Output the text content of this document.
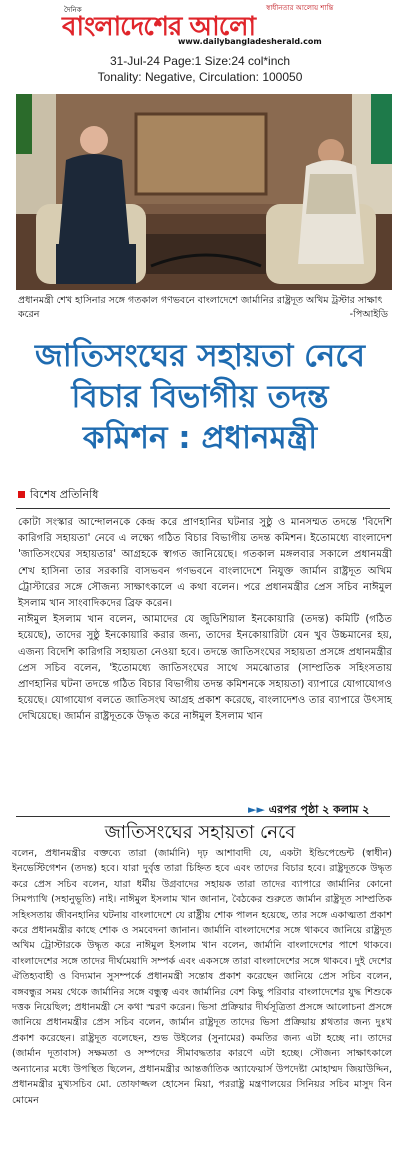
দৈনিক
বাংলাদেশের আলো
স্বাধীনতার আলোয় শান্তি
www.dailybangladesherald.com
31-Jul-24 Page:1 Size:24 col*inch
Tonality: Negative, Circulation: 100050
প্রধানমন্ত্রী শেখ হাসিনার সঙ্গে গতকাল গণভবনে বাংলাদেশে জার্মানির রাষ্ট্রদূত অখিম ট্রস্টার সাক্ষাৎ করেন	-পিআইডি
জাতিসংঘের সহায়তা নেবে
বিচার বিভাগীয় তদন্ত
কমিশন : প্রধানমন্ত্রী
বিশেষ প্রতিনিধি

কোটা সংস্কার আন্দোলনকে কেন্দ্র করে প্রাণহানির ঘটনার সুষ্ঠু ও মানসম্মত তদন্তে 'বিদেশি কারিগরি সহায়তা' নেবে এ লক্ষ্যে গঠিত বিচার বিভাগীয় তদন্ত কমিশন। ইতোমধ্যে বাংলাদেশ 'জাতিসংঘের সহায়তার' আগ্রহকে স্বাগত জানিয়েছে। গতকাল মঙ্গলবার সকালে প্রধানমন্ত্রী শেখ হাসিনা তার সরকারি বাসভবন গণভবনে বাংলাদেশে নিযুক্ত জার্মান রাষ্ট্রদূত অখিম ট্রোস্টারের সঙ্গে সৌজন্য সাক্ষাৎকালে এ কথা বলেন। পরে প্রধানমন্ত্রীর প্রেস সচিব নাঈমুল ইসলাম খান সাংবাদিকদের ব্রিফ করেন।

নাঈমুল ইসলাম খান বলেন, আমাদের যে জুডিশিয়াল ইনকোয়ারি (তদন্ত) কমিটি (গঠিত হয়েছে), তাদের সুষ্ঠু ইনকোয়ারি করার জন্য, তাদের ইনকোয়ারিটা যেন খুব উচ্চমানের হয়, এজন্য বিদেশি কারিগরি সহায়তা নেওয়া হবে। তদন্তে জাতিসংঘের সহায়তা প্রসঙ্গে প্রধানমন্ত্রীর প্রেস সচিব বলেন, 'ইতোমধ্যে জাতিসংঘের সাথে সমঝোতার (সাম্প্রতিক সহিংসতায় প্রাণহানির ঘটনা তদন্তে গঠিত বিচার বিভাগীয় তদন্ত কমিশনকে সহায়তা) ব্যাপারে যোগাযোগও হয়েছে। যোগাযোগ বলতে জাতিসংঘ আগ্রহ প্রকাশ করেছে, বাংলাদেশও তার ব্যাপারে উৎসাহ দেখিয়েছে। জার্মান রাষ্ট্রদূতকে উদ্ধৃত করে নাঈমুল ইসলাম খান

►► এরপর পৃষ্ঠা ২ কলাম ২
জাতিসংঘের সহায়তা নেবে

বলেন, প্রধানমন্ত্রীর বক্তব্যে তারা (জার্মানি) দৃঢ় আশাবাদী যে, একটা ইন্ডিপেন্ডেন্ট (স্বাধীন) ইনভেস্টিগেশন (তদন্ত) হবে। যারা দুর্বৃত্ত তারা চিহ্নিত হবে এবং তাদের বিচার হবে। রাষ্ট্রদূতকে উদ্ধৃত করে প্রেস সচিব বলেন, যারা ধর্মীয় উগ্রবাদের সহায়ক তারা তাদের ব্যাপারে জার্মানির কোনো সিমপ্যাথি (সহানুভূতি) নাই। নাঈমুল ইসলাম খান জানান, বৈঠকের শুরুতে জার্মান রাষ্ট্রদূত সাম্প্রতিক সহিংসতায় জীবনহানির ঘটনায় বাংলাদেশে যে রাষ্ট্রীয় শোক পালন হয়েছে, তার সঙ্গে একাত্মতা প্রকাশ করে প্রধানমন্ত্রীর কাছে শোক ও সমবেদনা জানান। জার্মানি বাংলাদেশের সঙ্গে থাকবে জানিয়ে রাষ্ট্রদূত অখিম ট্রোস্টারকে উদ্ধৃত করে নাঈমুল ইসলাম খান বলেন, জার্মানি বাংলাদেশের পাশে থাকবে। বাংলাদেশের সঙ্গে তাদের দীর্ঘমেয়াদি সম্পর্ক এবং একসঙ্গে তারা বাংলাদেশের সঙ্গে থাকবে। দুই দেশের ঐতিহ্যবাহী ও বিদ্যমান সুসম্পর্কে প্রধানমন্ত্রী সন্তোষ প্রকাশ করেছেন জানিয়ে প্রেস সচিব বলেন, বঙ্গবন্ধুর সময় থেকে জার্মানির সঙ্গে বন্ধুত্ব এবং জার্মানির বেশ কিছু পরিবার বাংলাদেশের যুদ্ধ শিশুকে দত্তক নিয়েছিল; প্রধানমন্ত্রী সে কথা স্মরণ করেন। ভিসা প্রক্রিয়ার দীর্ঘসূত্রিতা প্রসঙ্গে আলোচনা প্রসঙ্গে জানিয়ে প্রধানমন্ত্রীর প্রেস সচিব বলেন, জার্মান রাষ্ট্রদূত তাদের ভিসা প্রক্রিয়ায় শ্লথতার জন্য দুঃখ প্রকাশ করেছেন। রাষ্ট্রদূত বলেছেন, শুভ উইলের (সুনামের) কমতির জন্য এটা হচ্ছে না। তাদের (জার্মান দূতাবাস) সক্ষমতা ও সম্পদের সীমাবদ্ধতার কারণে এটা হচ্ছে। সৌজন্য সাক্ষাৎকালে অন্যান্যের মধ্যে উপস্থিত ছিলেন, প্রধানমন্ত্রীর আন্তর্জাতিক অ্যাফেয়ার্স উপদেষ্টা মোহাম্মদ জিয়াউদ্দিন, প্রধানমন্ত্রীর মুখ্যসচিব মো. তোফাজ্জল হোসেন মিয়া, পররাষ্ট্র মন্ত্রণালয়ের সিনিয়র সচিব মাসুদ বিন মোমেন
